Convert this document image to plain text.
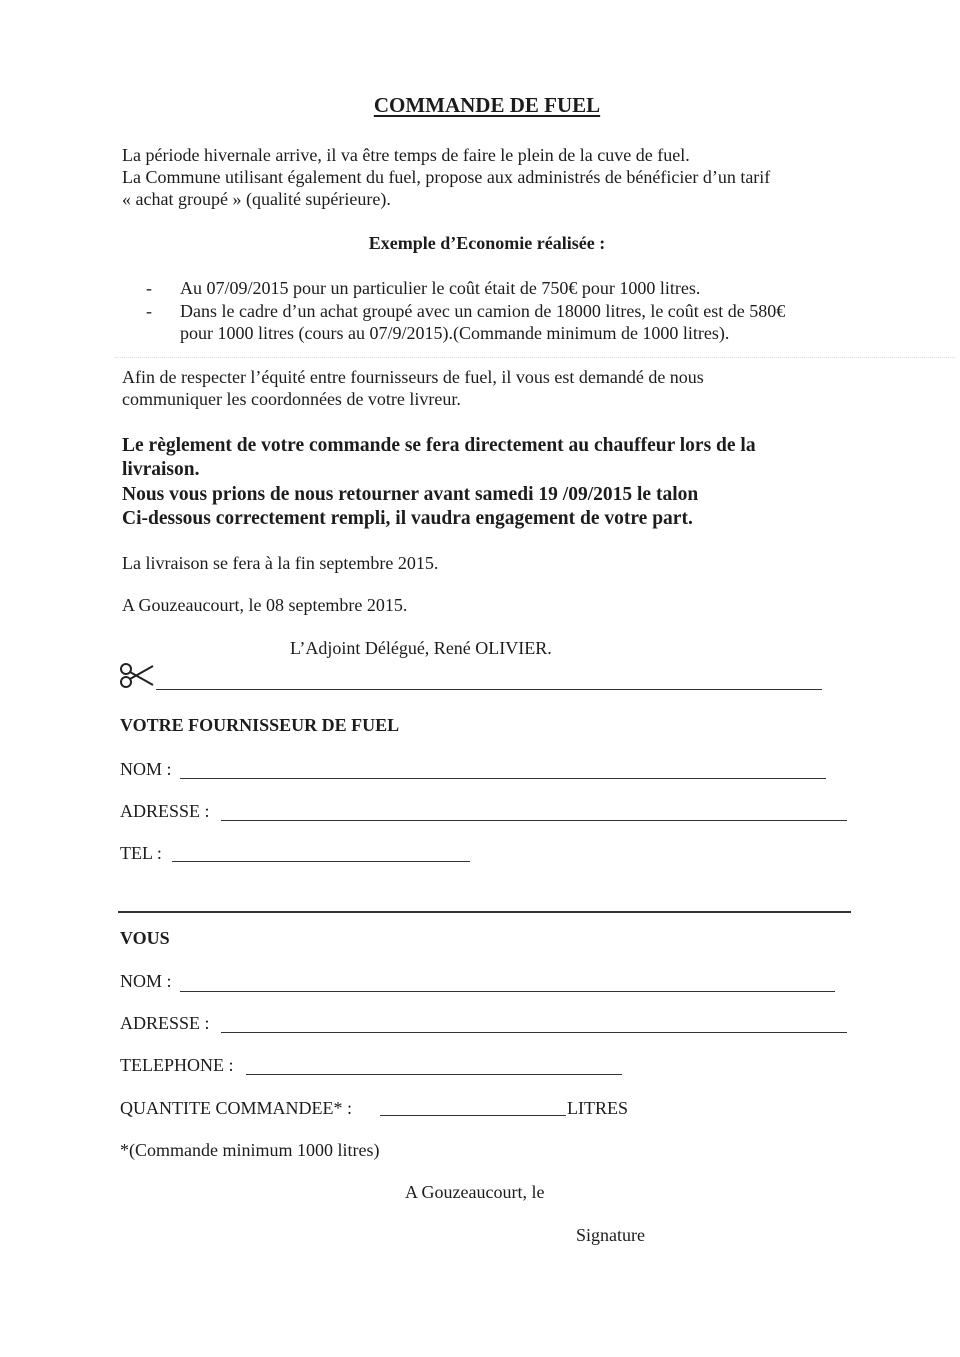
COMMANDE DE FUEL
La période hivernale arrive, il va être temps de faire le plein de la cuve de fuel.
La Commune utilisant également du fuel, propose aux administrés de bénéficier d’un tarif
« achat groupé » (qualité supérieure).
Exemple d’Economie réalisée :
- Au 07/09/2015 pour un particulier le coût était de 750€ pour 1000 litres.
- Dans le cadre d’un achat groupé avec un camion de 18000 litres, le coût est de 580€
pour 1000 litres (cours au 07/9/2015).(Commande minimum de 1000 litres).
Afin de respecter l’équité entre fournisseurs de fuel, il vous est demandé de nous
communiquer les coordonnées de votre livreur.
Le règlement de votre commande se fera directement au chauffeur lors de la
livraison.
Nous vous prions de nous retourner avant samedi 19 /09/2015 le talon
Ci-dessous correctement rempli, il vaudra engagement de votre part.
La livraison se fera à la fin septembre 2015.
A Gouzeaucourt, le 08 septembre 2015.
L’Adjoint Délégué, René OLIVIER.
VOTRE FOURNISSEUR DE FUEL
NOM :
ADRESSE :
TEL :
VOUS
NOM :
ADRESSE :
TELEPHONE :
QUANTITE COMMANDEE* :	LITRES
*(Commande minimum 1000 litres)
A Gouzeaucourt, le
Signature
